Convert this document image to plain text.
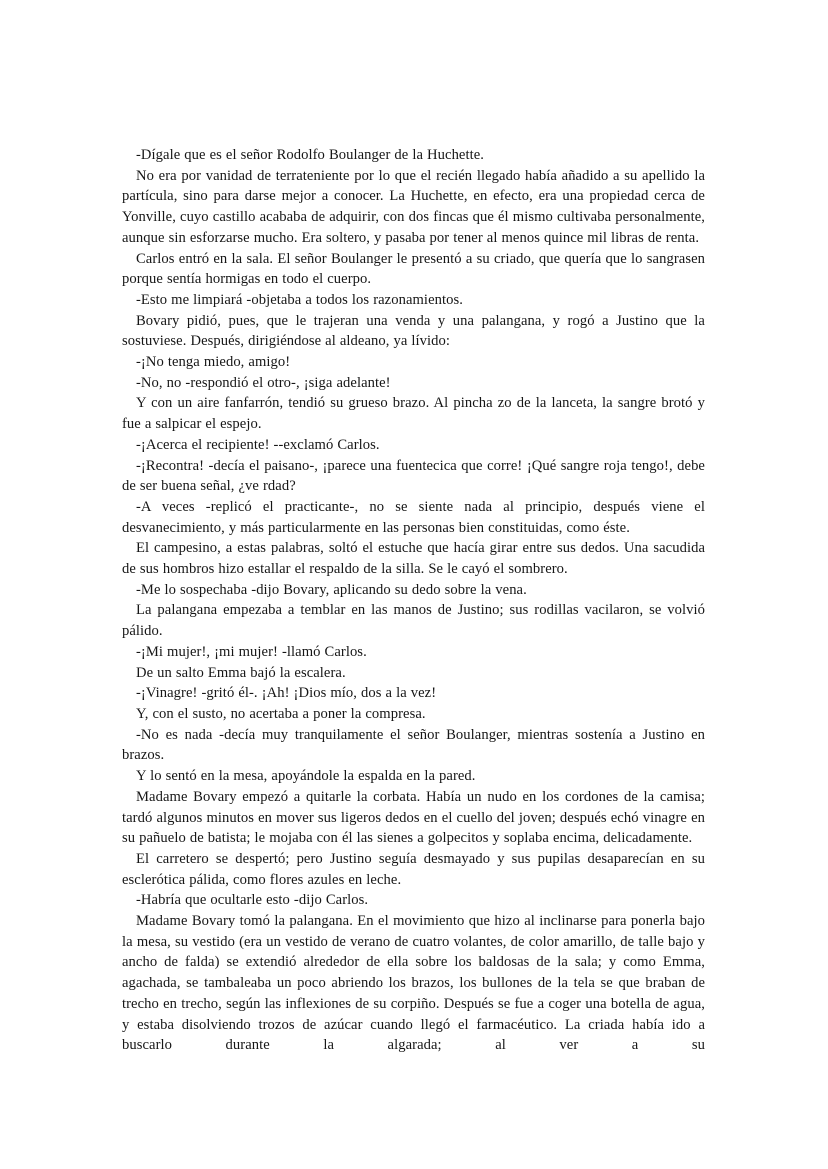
-Dígale que es el señor Rodolfo Boulanger de la Huchette.

No era por vanidad de terrateniente por lo que el recién llegado había añadido a su apellido la partícula, sino para darse mejor a conocer. La Huchette, en efecto, era una propiedad cerca de Yonville, cuyo castillo acababa de adquirir, con dos fincas que él mismo cultivaba personalmente, aunque sin esforzarse mucho. Era soltero, y pasaba por tener al menos quince mil libras de renta.

Carlos entró en la sala. El señor Boulanger le presentó a su criado, que quería que lo sangrasen porque sentía hormigas en todo el cuerpo.

-Esto me limpiará -objetaba a todos los razonamientos.

Bovary pidió, pues, que le trajeran una venda y una palangana, y rogó a Justino que la sostuviese. Después, dirigiéndose al aldeano, ya lívido:

-¡No tenga miedo, amigo!

-No, no -respondió el otro-, ¡siga adelante!

Y con un aire fanfarrón, tendió su grueso brazo. Al pincha zo de la lanceta, la sangre brotó y fue a salpicar el espejo.

-¡Acerca el recipiente! --exclamó Carlos.

-¡Recontra! -decía el paisano-, ¡parece una fuentecica que corre! ¡Qué sangre roja tengo!, debe de ser buena señal, ¿ve rdad?

-A veces -replicó el practicante-, no se siente nada al principio, después viene el desvanecimiento, y más particularmente en las personas bien constituidas, como éste.

El campesino, a estas palabras, soltó el estuche que hacía girar entre sus dedos. Una sacudida de sus hombros hizo estallar el respaldo de la silla. Se le cayó el sombrero.

-Me lo sospechaba -dijo Bovary, aplicando su dedo sobre la vena.

La palangana empezaba a temblar en las manos de Justino; sus rodillas vacilaron, se volvió pálido.

-¡Mi mujer!, ¡mi mujer! -llamó Carlos.

De un salto Emma bajó la escalera.

-¡Vinagre! -gritó él-. ¡Ah! ¡Dios mío, dos a la vez!

Y, con el susto, no acertaba a poner la compresa.

-No es nada -decía muy tranquilamente el señor Boulanger, mientras sostenía a Justino en brazos.

Y lo sentó en la mesa, apoyándole la espalda en la pared.

Madame Bovary empezó a quitarle la corbata. Había un nudo en los cordones de la camisa; tardó algunos minutos en mover sus ligeros dedos en el cuello del joven; después echó vinagre en su pañuelo de batista; le mojaba con él las sienes a golpecitos y soplaba encima, delicadamente.

El carretero se despertó; pero Justino seguía desmayado y sus pupilas desaparecían en su esclerótica pálida, como flores azules en leche.

-Habría que ocultarle esto -dijo Carlos.

Madame Bovary tomó la palangana. En el movimiento que hizo al inclinarse para ponerla bajo la mesa, su vestido (era un vestido de verano de cuatro volantes, de color amarillo, de talle bajo y ancho de falda) se extendió alrededor de ella sobre los baldosas de la sala; y como Emma, agachada, se tambaleaba un poco abriendo los brazos, los bullones de la tela se que braban de trecho en trecho, según las inflexiones de su corpiño. Después se fue a coger una botella de agua, y estaba disolviendo trozos de azúcar cuando llegó el farmacéutico. La criada había ido a buscarlo durante la algarada; al ver a su
